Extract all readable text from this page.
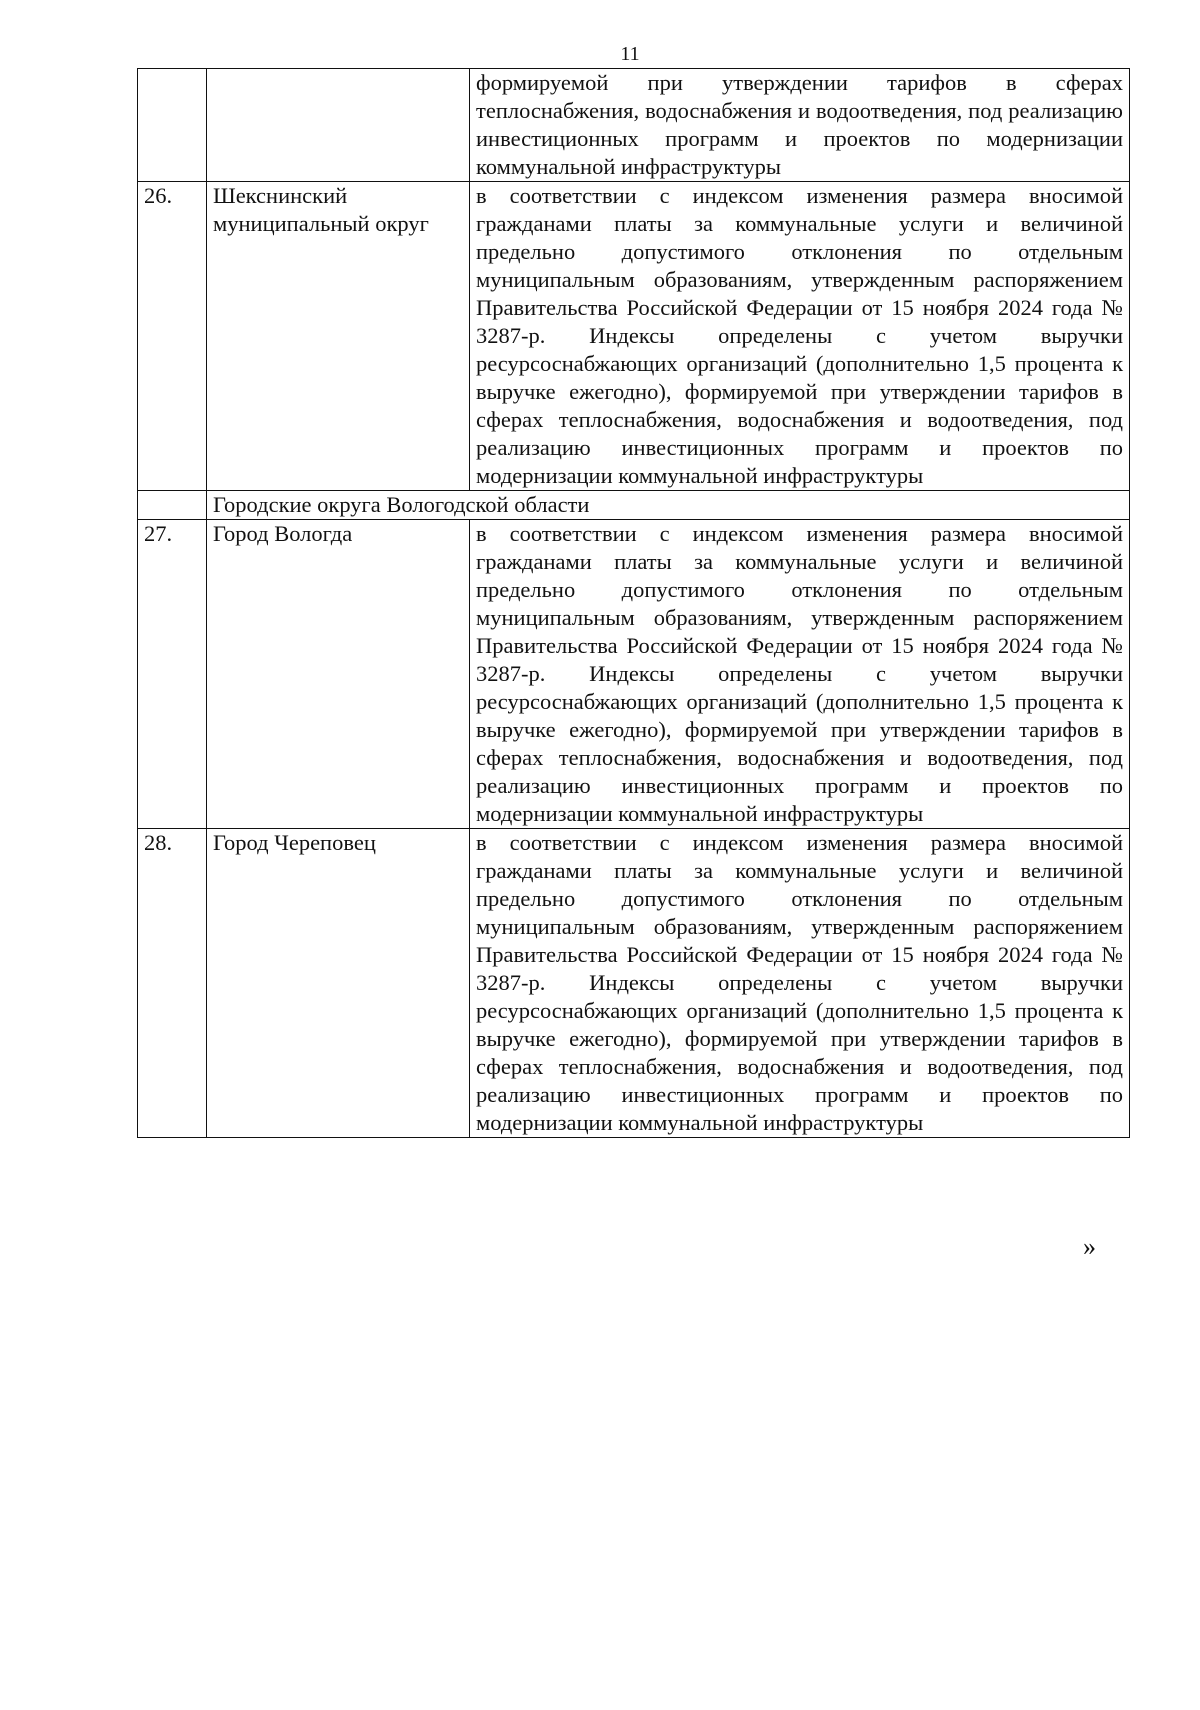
11
		формируемой при утверждении тарифов в сферах теплоснабжения, водоснабжения и водоотведения, под реализацию инвестиционных программ и проектов по модернизации коммунальной инфраструктуры
26.	Шекснинский муниципальный округ	в соответствии с индексом изменения размера вносимой гражданами платы за коммунальные услуги и величиной предельно допустимого отклонения по отдельным муниципальным образованиям, утвержденным распоряжением Правительства Российской Федерации от 15 ноября 2024 года № 3287-р. Индексы определены с учетом выручки ресурсоснабжающих организаций (дополнительно 1,5 процента к выручке ежегодно), формируемой при утверждении тарифов в сферах теплоснабжения, водоснабжения и водоотведения, под реализацию инвестиционных программ и проектов по модернизации коммунальной инфраструктуры
	Городские округа Вологодской области	
27.	Город Вологда	в соответствии с индексом изменения размера вносимой гражданами платы за коммунальные услуги и величиной предельно допустимого отклонения по отдельным муниципальным образованиям, утвержденным распоряжением Правительства Российской Федерации от 15 ноября 2024 года № 3287-р. Индексы определены с учетом выручки ресурсоснабжающих организаций (дополнительно 1,5 процента к выручке ежегодно), формируемой при утверждении тарифов в сферах теплоснабжения, водоснабжения и водоотведения, под реализацию инвестиционных программ и проектов по модернизации коммунальной инфраструктуры
28.	Город Череповец	в соответствии с индексом изменения размера вносимой гражданами платы за коммунальные услуги и величиной предельно допустимого отклонения по отдельным муниципальным образованиям, утвержденным распоряжением Правительства Российской Федерации от 15 ноября 2024 года № 3287-р. Индексы определены с учетом выручки ресурсоснабжающих организаций (дополнительно 1,5 процента к выручке ежегодно), формируемой при утверждении тарифов в сферах теплоснабжения, водоснабжения и водоотведения, под реализацию инвестиционных программ и проектов по модернизации коммунальной инфраструктуры
»
